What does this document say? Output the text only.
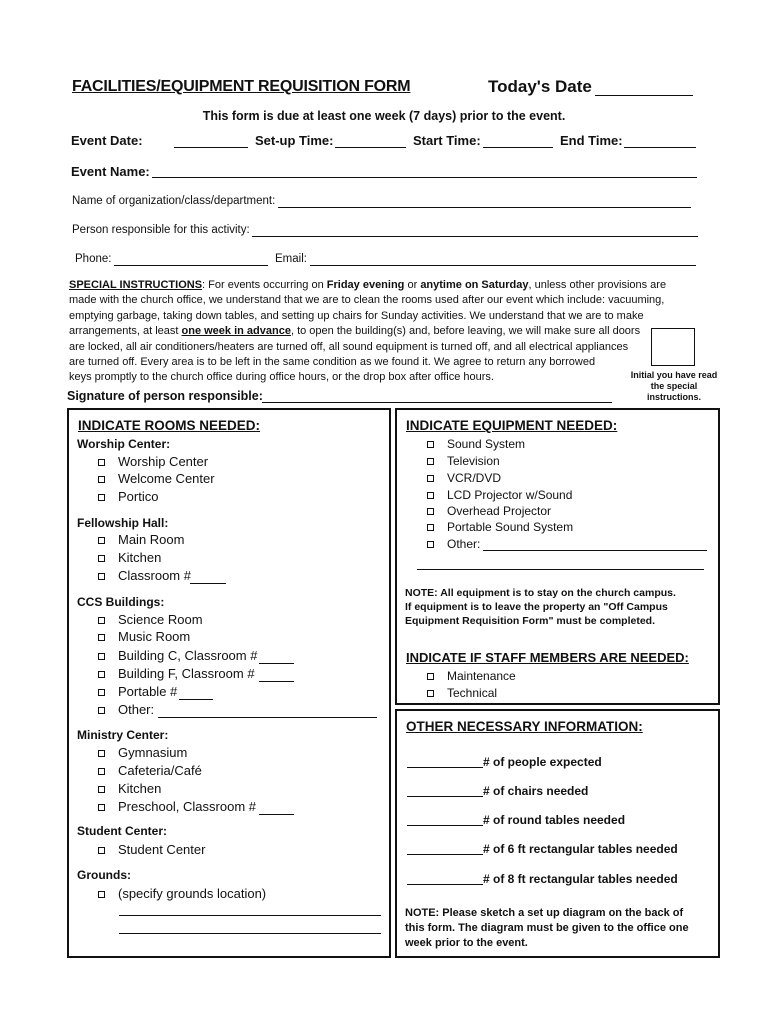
FACILITIES/EQUIPMENT REQUISITION FORM	Today's Date
This form is due at least one week (7 days) prior to the event.
Event Date:	Set-up Time:	Start Time:	End Time:
Event Name:
Name of organization/class/department:
Person responsible for this activity:
Phone:	Email:
SPECIAL INSTRUCTIONS: For events occurring on Friday evening or anytime on Saturday, unless other provisions are
made with the church office, we understand that we are to clean the rooms used after our event which include: vacuuming,
emptying garbage, taking down tables, and setting up chairs for Sunday activities. We understand that we are to make
arrangements, at least one week in advance, to open the building(s) and, before leaving, we will make sure all doors
are locked, all air conditioners/heaters are turned off, all sound equipment is turned off, and all electrical appliances
are turned off. Every area is to be left in the same condition as we found it. We agree to return any borrowed
keys promptly to the church office during office hours, or the drop box after office hours.	Initial you have read the special instructions.
Signature of person responsible:
INDICATE ROOMS NEEDED:
Worship Center:
Worship Center
Welcome Center
Portico
Fellowship Hall:
Main Room
Kitchen
Classroom #
CCS Buildings:
Science Room
Music Room
Building C, Classroom #
Building F, Classroom #
Portable #
Other:
Ministry Center:
Gymnasium
Cafeteria/Café
Kitchen
Preschool, Classroom #
Student Center:
Student Center
Grounds:
(specify grounds location)
INDICATE EQUIPMENT NEEDED:
Sound System
Television
VCR/DVD
LCD Projector w/Sound
Overhead Projector
Portable Sound System
Other:
NOTE: All equipment is to stay on the church campus.
If equipment is to leave the property an "Off Campus
Equipment Requisition Form" must be completed.
INDICATE IF STAFF MEMBERS ARE NEEDED:
Maintenance
Technical
OTHER NECESSARY INFORMATION:
# of people expected
# of chairs needed
# of round tables needed
# of 6 ft rectangular tables needed
# of 8 ft rectangular tables needed
NOTE: Please sketch a set up diagram on the back of
this form. The diagram must be given to the office one
week prior to the event.
